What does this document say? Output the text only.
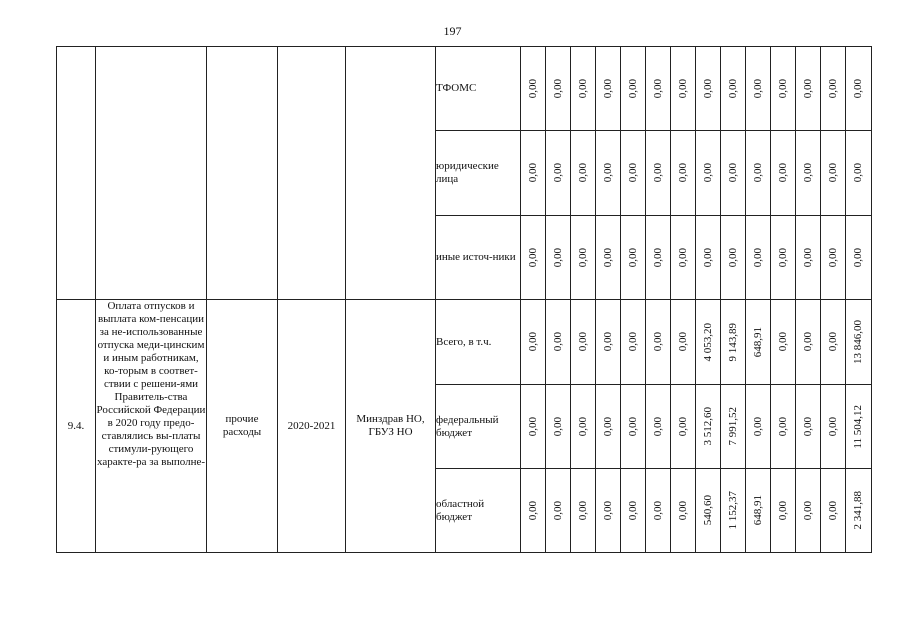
197
					ТФОМС	0,00	0,00	0,00	0,00	0,00	0,00	0,00	0,00	0,00	0,00	0,00	0,00	0,00	0,00

					юридические лица	0,00	0,00	0,00	0,00	0,00	0,00	0,00	0,00	0,00	0,00	0,00	0,00	0,00	0,00

					иные источ-ники	0,00	0,00	0,00	0,00	0,00	0,00	0,00	0,00	0,00	0,00	0,00	0,00	0,00	0,00

9.4.	Оплата отпусков и выплата ком-пенсации за не-использованные отпуска меди-цинским и иным работникам, ко-торым в соответ-ствии с решени-ями Правитель-ства Российской Федерации в 2020 году предо-ставлялись вы-платы стимули-рующего характе-ра за выполне-	прочие расходы	2020-2021	Минздрав НО, ГБУЗ НО	Всего, в т.ч.	0,00	0,00	0,00	0,00	0,00	0,00	0,00	4 053,20	9 143,89	648,91	0,00	0,00	0,00	13 846,00

					федеральный бюджет	0,00	0,00	0,00	0,00	0,00	0,00	0,00	3 512,60	7 991,52	0,00	0,00	0,00	0,00	11 504,12

					областной бюджет	0,00	0,00	0,00	0,00	0,00	0,00	0,00	540,60	1 152,37	648,91	0,00	0,00	0,00	2 341,88
